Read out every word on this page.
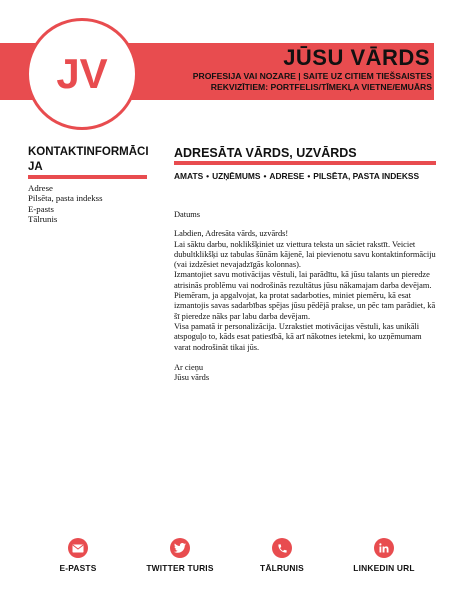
JV	JŪSU VĀRDS
PROFESIJA VAI NOZARE | SAITE UZ CITIEM TIEŠSAISTES
REKVIZĪTIEM: PORTFELIS/TĪMEKĻA VIETNE/EMUĀRS
KONTAKTINFORMĀCI
JA
Adrese
Pilsēta, pasta indekss
E-pasts
Tālrunis
ADRESĀTA VĀRDS, UZVĀRDS
AMATS • UZŅĒMUMS • ADRESE • PILSĒTA, PASTA INDEKSS

Datums

Labdien, Adresāta vārds, uzvārds!

Lai sāktu darbu, noklikšķiniet uz viettura teksta un sāciet rakstīt. Veiciet dubultklikšķi uz tabulas šūnām kājenē, lai pievienotu savu kontaktinformāciju (vai izdzēsiet nevajadzīgās kolonnas).

Izmantojiet savu motivācijas vēstuli, lai parādītu, kā jūsu talants un pieredze atrisinās problēmu vai nodrošinās rezultātus jūsu nākamajam darba devējam. Piemēram, ja apgalvojat, ka protat sadarboties, miniet piemēru, kā esat izmantojis savas sadarbības spējas jūsu pēdējā prakse, un pēc tam parādiet, kā šī pieredze nāks par labu darba devējam.

Visa pamatā ir personalizācija. Uzrakstiet motivācijas vēstuli, kas unikāli atspoguļo to, kāds esat patiesībā, kā arī nākotnes ietekmi, ko uzņēmumam varat nodrošināt tikai jūs.

Ar cieņu

Jūsu vārds

E-PASTS	TWITTER TURIS	TĀLRUNIS	LINKEDIN URL
